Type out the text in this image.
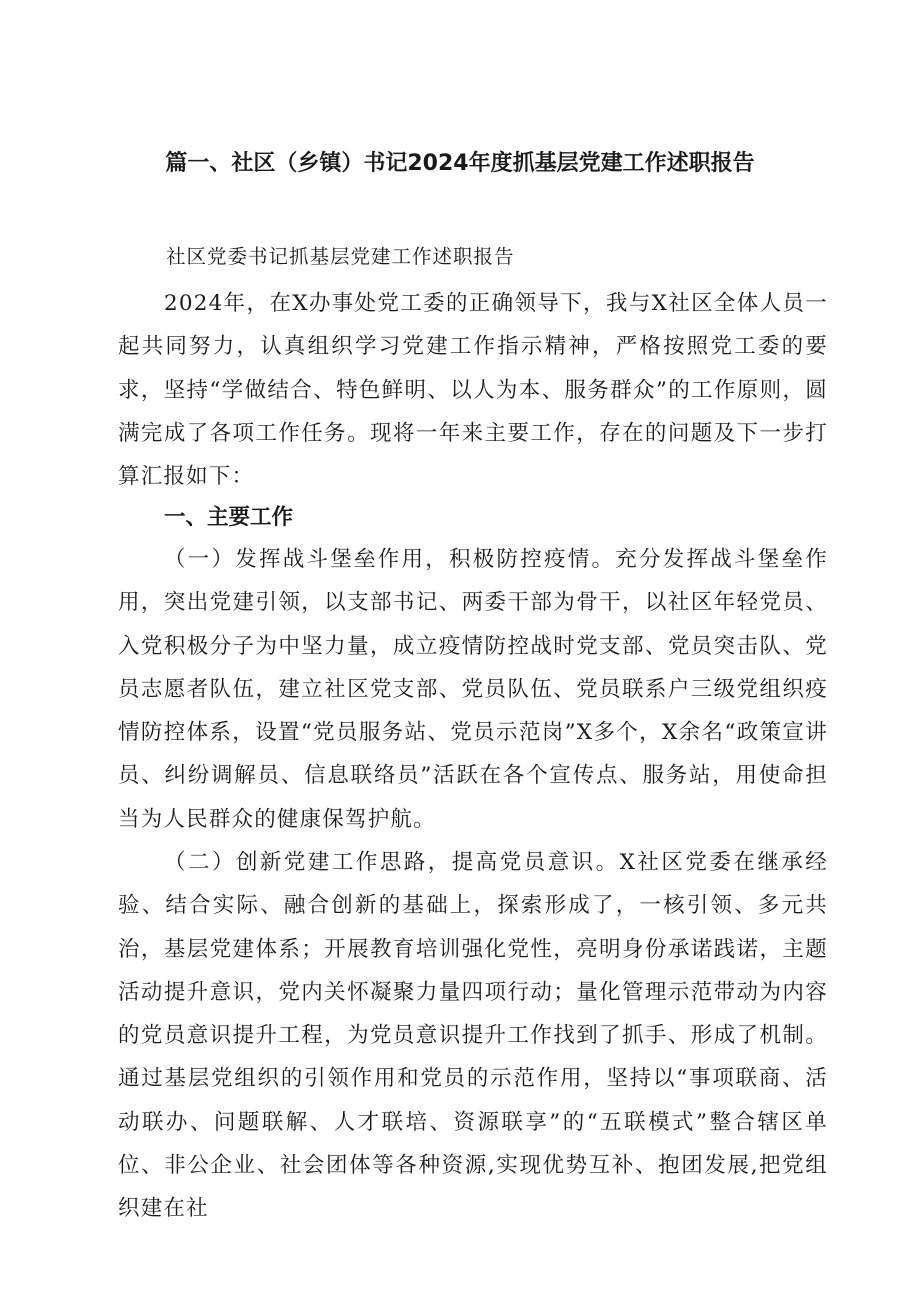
篇一、社区（乡镇）书记2024年度抓基层党建工作述职报告
社区党委书记抓基层党建工作述职报告

2024年，在X办事处党工委的正确领导下，我与X社区全体人员一起共同努力，认真组织学习党建工作指示精神，严格按照党工委的要求，坚持“学做结合、特色鲜明、以人为本、服务群众”的工作原则，圆满完成了各项工作任务。现将一年来主要工作，存在的问题及下一步打算汇报如下：

一、主要工作

（一）发挥战斗堡垒作用，积极防控疫情。充分发挥战斗堡垒作用，突出党建引领，以支部书记、两委干部为骨干，以社区年轻党员、入党积极分子为中坚力量，成立疫情防控战时党支部、党员突击队、党员志愿者队伍，建立社区党支部、党员队伍、党员联系户三级党组织疫情防控体系，设置“党员服务站、党员示范岗”X多个，X余名“政策宣讲员、纠纷调解员、信息联络员”活跃在各个宣传点、服务站，用使命担当为人民群众的健康保驾护航。

（二）创新党建工作思路，提高党员意识。X社区党委在继承经验、结合实际、融合创新的基础上，探索形成了，一核引领、多元共治，基层党建体系；开展教育培训强化党性，亮明身份承诺践诺，主题活动提升意识，党内关怀凝聚力量四项行动；量化管理示范带动为内容的党员意识提升工程，为党员意识提升工作找到了抓手、形成了机制。通过基层党组织的引领作用和党员的示范作用，坚持以“事项联商、活动联办、问题联解、人才联培、资源联享”的“五联模式”整合辖区单位、非公企业、社会团体等各种资源,实现优势互补、抱团发展,把党组织建在社
